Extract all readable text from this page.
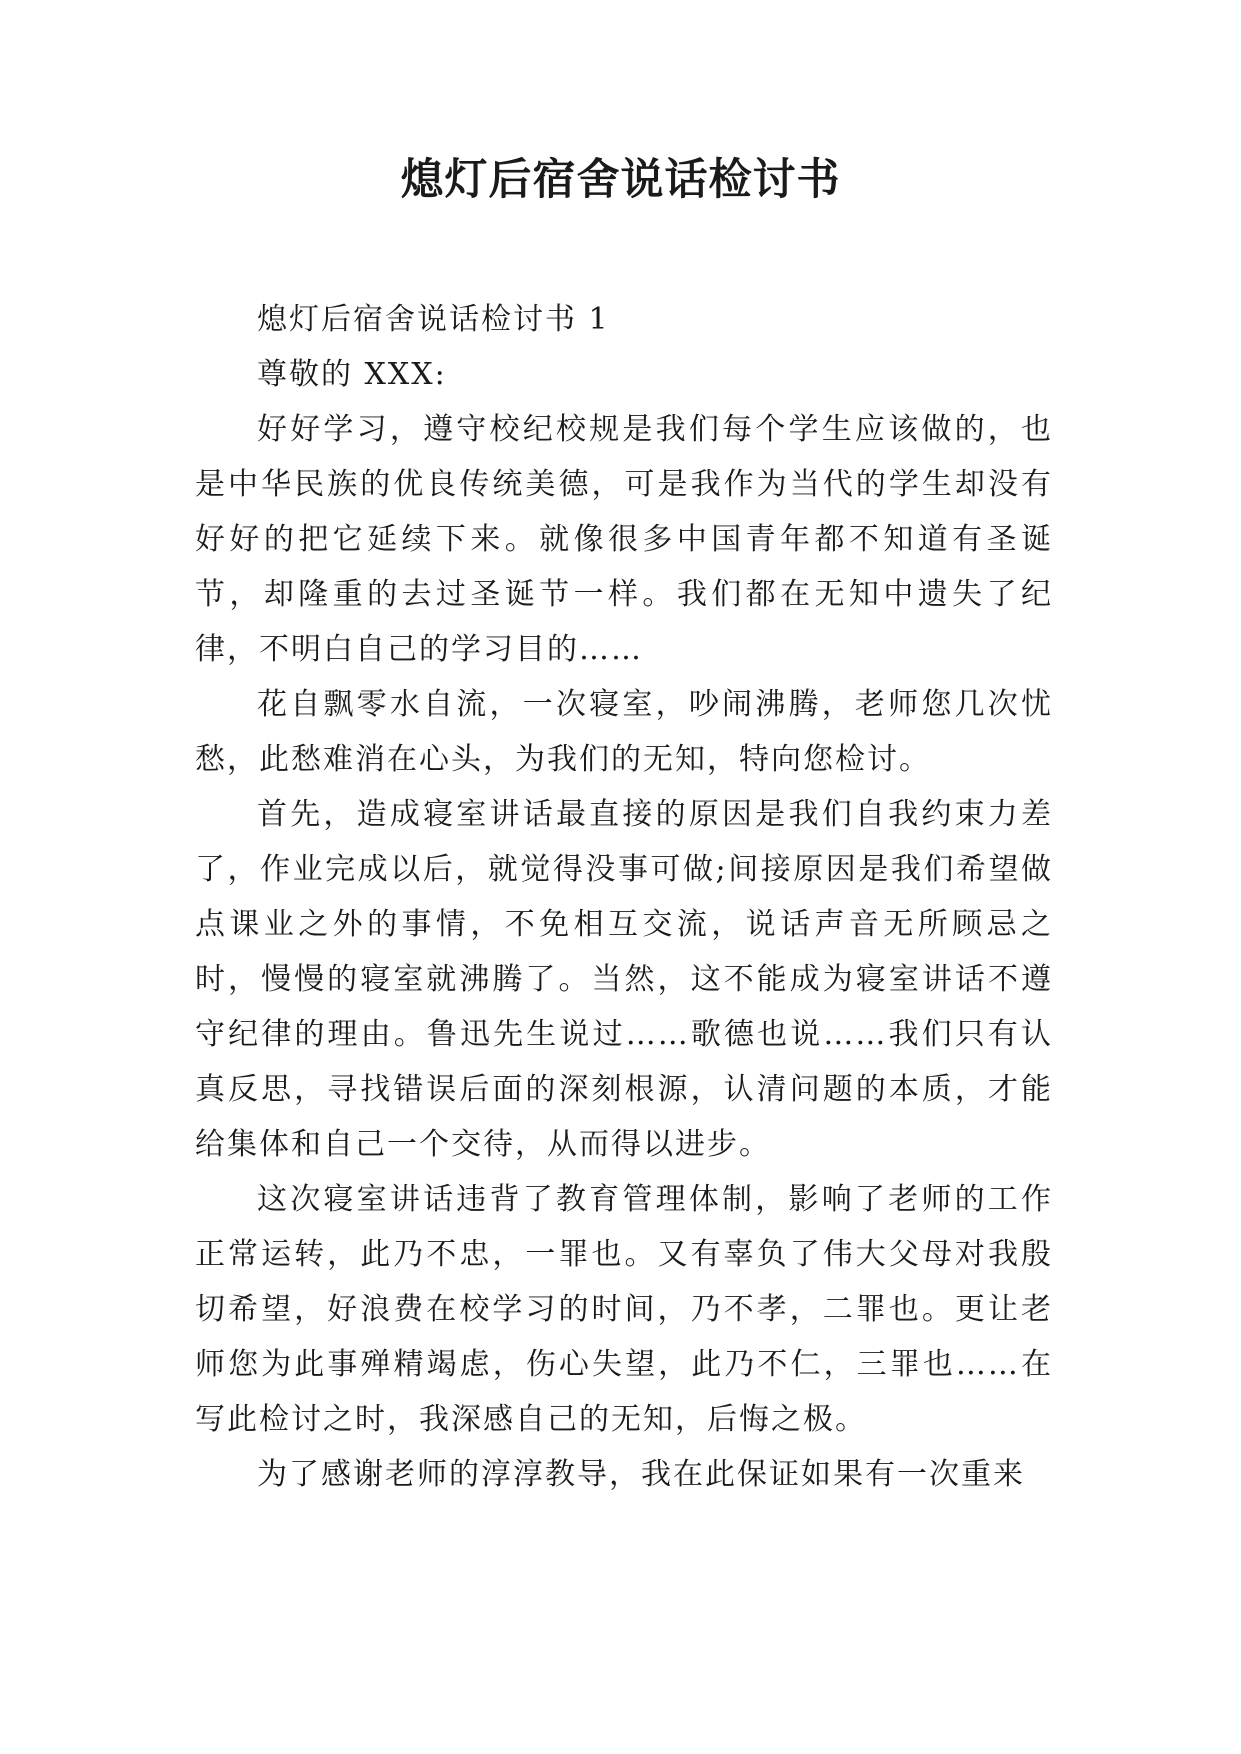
熄灯后宿舍说话检讨书

熄灯后宿舍说话检讨书 1

尊敬的 XXX:

好好学习，遵守校纪校规是我们每个学生应该做的，也是中华民族的优良传统美德，可是我作为当代的学生却没有好好的把它延续下来。就像很多中国青年都不知道有圣诞节，却隆重的去过圣诞节一样。我们都在无知中遗失了纪律，不明白自己的学习目的……

花自飘零水自流，一次寝室，吵闹沸腾，老师您几次忧愁，此愁难消在心头，为我们的无知，特向您检讨。

首先，造成寝室讲话最直接的原因是我们自我约束力差了，作业完成以后，就觉得没事可做;间接原因是我们希望做点课业之外的事情，不免相互交流，说话声音无所顾忌之时，慢慢的寝室就沸腾了。当然，这不能成为寝室讲话不遵守纪律的理由。鲁迅先生说过……歌德也说……我们只有认真反思，寻找错误后面的深刻根源，认清问题的本质，才能给集体和自己一个交待，从而得以进步。

这次寝室讲话违背了教育管理体制，影响了老师的工作正常运转，此乃不忠，一罪也。又有辜负了伟大父母对我殷切希望，好浪费在校学习的时间，乃不孝，二罪也。更让老师您为此事殚精竭虑，伤心失望，此乃不仁，三罪也……在写此检讨之时，我深感自己的无知，后悔之极。

为了感谢老师的淳淳教导，我在此保证如果有一次重来
